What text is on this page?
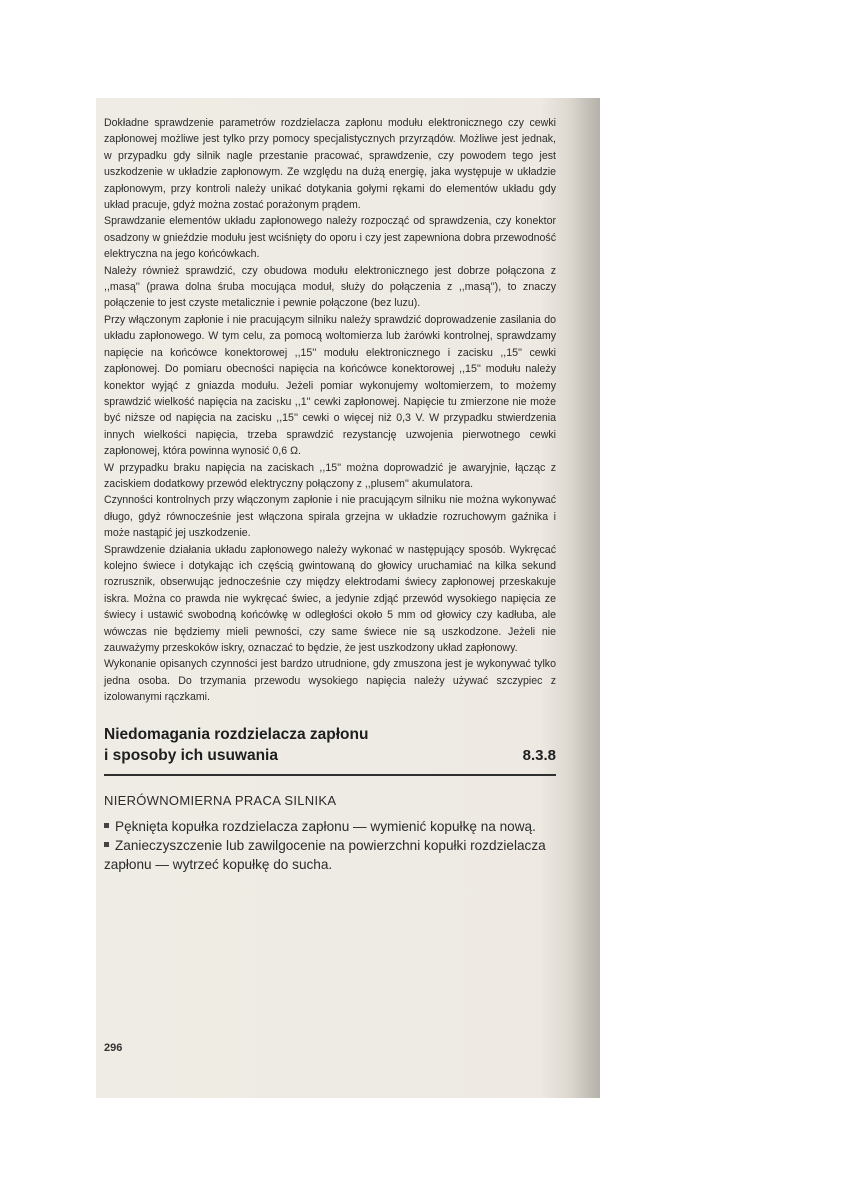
Dokładne sprawdzenie parametrów rozdzielacza zapłonu modułu elektronicznego czy cewki zapłonowej możliwe jest tylko przy pomocy specjalistycznych przyrządów. Możliwe jest jednak, w przypadku gdy silnik nagle przestanie pracować, sprawdzenie, czy powodem tego jest uszkodzenie w układzie zapłonowym. Ze względu na dużą energię, jaka występuje w układzie zapłonowym, przy kontroli należy unikać dotykania gołymi rękami do elementów układu gdy układ pracuje, gdyż można zostać porażonym prądem.

Sprawdzanie elementów układu zapłonowego należy rozpocząć od sprawdzenia, czy konektor osadzony w gnieździe modułu jest wciśnięty do oporu i czy jest zapewniona dobra przewodność elektryczna na jego końcówkach.

Należy również sprawdzić, czy obudowa modułu elektronicznego jest dobrze połączona z ,,masą'' (prawa dolna śruba mocująca moduł, służy do połączenia z ,,masą''), to znaczy połączenie to jest czyste metalicznie i pewnie połączone (bez luzu).

Przy włączonym zapłonie i nie pracującym silniku należy sprawdzić doprowadzenie zasilania do układu zapłonowego. W tym celu, za pomocą woltomierza lub żarówki kontrolnej, sprawdzamy napięcie na końcówce konektorowej ,,15'' modułu elektronicznego i zacisku ,,15'' cewki zapłonowej. Do pomiaru obecności napięcia na końcówce konektorowej ,,15'' modułu należy konektor wyjąć z gniazda modułu. Jeżeli pomiar wykonujemy woltomierzem, to możemy sprawdzić wielkość napięcia na zacisku ,,1'' cewki zapłonowej. Napięcie tu zmierzone nie może być niższe od napięcia na zacisku ,,15'' cewki o więcej niż 0,3 V. W przypadku stwierdzenia innych wielkości napięcia, trzeba sprawdzić rezystancję uzwojenia pierwotnego cewki zapłonowej, która powinna wynosić 0,6 Ω.

W przypadku braku napięcia na zaciskach ,,15'' można doprowadzić je awaryjnie, łącząc z zaciskiem dodatkowy przewód elektryczny połączony z ,,plusem'' akumulatora.

Czynności kontrolnych przy włączonym zapłonie i nie pracującym silniku nie można wykonywać długo, gdyż równocześnie jest włączona spirala grzejna w układzie rozruchowym gaźnika i może nastąpić jej uszkodzenie.

Sprawdzenie działania układu zapłonowego należy wykonać w następujący sposób. Wykręcać kolejno świece i dotykając ich częścią gwintowaną do głowicy uruchamiać na kilka sekund rozrusznik, obserwując jednocześnie czy między elektrodami świecy zapłonowej przeskakuje iskra. Można co prawda nie wykręcać świec, a jedynie zdjąć przewód wysokiego napięcia ze świecy i ustawić swobodną końcówkę w odległości około 5 mm od głowicy czy kadłuba, ale wówczas nie będziemy mieli pewności, czy same świece nie są uszkodzone. Jeżeli nie zauważymy przeskoków iskry, oznaczać to będzie, że jest uszkodzony układ zapłonowy.

Wykonanie opisanych czynności jest bardzo utrudnione, gdy zmuszona jest je wykonywać tylko jedna osoba. Do trzymania przewodu wysokiego napięcia należy używać szczypiec z izolowanymi rączkami.

Niedomagania rozdzielacza zapłonu
i sposoby ich usuwania	8.3.8
NIERÓWNOMIERNA PRACA SILNIKA

Pęknięta kopułka rozdzielacza zapłonu — wymienić kopułkę na nową.

Zanieczyszczenie lub zawilgocenie na powierzchni kopułki rozdzielacza zapłonu — wytrzeć kopułkę do sucha.

296
